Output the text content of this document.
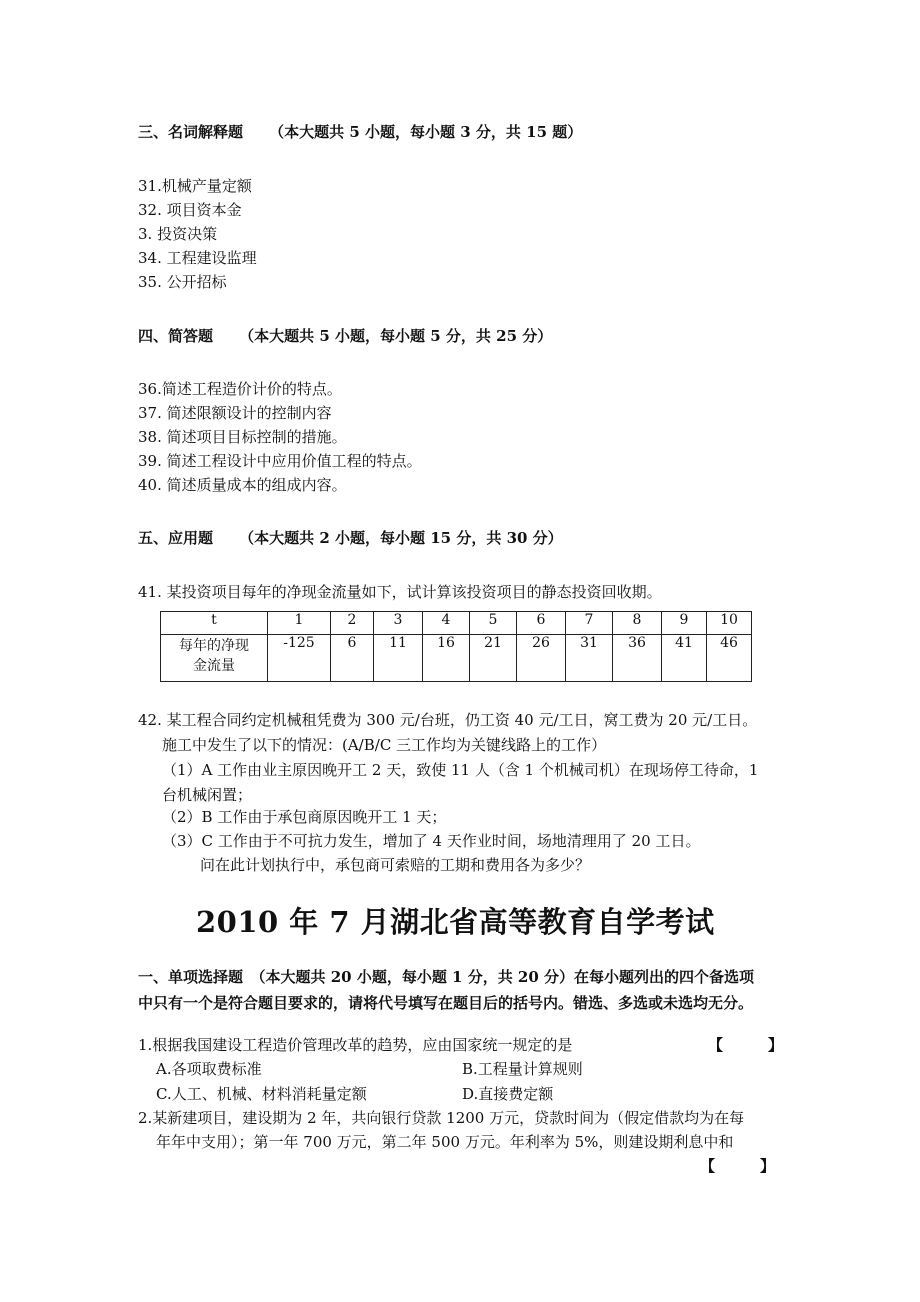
三、名词解释题 （本大题共 5 小题，每小题 3 分，共 15 题）
31.机械产量定额
32. 项目资本金
3. 投资决策
34. 工程建设监理
35. 公开招标
四、简答题 （本大题共 5 小题，每小题 5 分，共 25 分）
36.简述工程造价计价的特点。
37. 简述限额设计的控制内容
38. 简述项目目标控制的措施。
39. 简述工程设计中应用价值工程的特点。
40. 简述质量成本的组成内容。
五、应用题 （本大题共 2 小题，每小题 15 分，共 30 分）
41. 某投资项目每年的净现金流量如下，试计算该投资项目的静态投资回收期。
t	1	2	3	4	5	6	7	8	9	10

每年的净现
金流量	-125	6	11	16	21	26	31	36	41	46
42. 某工程合同约定机械租凭费为 300 元/台班，仍工资 40 元/工日，窝工费为 20 元/工日。
施工中发生了以下的情况：(A/B/C 三工作均为关键线路上的工作）
（1）A 工作由业主原因晚开工 2 天，致使 11 人（含 1 个机械司机）在现场停工待命，1
台机械闲置；
（2）B 工作由于承包商原因晚开工 1 天；
（3）C 工作由于不可抗力发生，增加了 4 天作业时间，场地清理用了 20 工日。
问在此计划执行中，承包商可索赔的工期和费用各为多少？
2010 年 7 月湖北省高等教育自学考试
一、单项选择题　（本大题共 20 小题，每小题 1 分，共 20 分）在每小题列出的四个备选项
中只有一个是符合题目要求的，请将代号填写在题目后的括号内。错选、多选或未选均无分。
1.根据我国建设工程造价管理改革的趋势，应由国家统一规定的是	【　　　】
A.各项取费标准	B.工程量计算规则
C.人工、机械、材料消耗量定额	D.直接费定额
2.某新建项目，建设期为 2 年，共向银行贷款 1200 万元，贷款时间为（假定借款均为在每
年年中支用）；第一年 700 万元，第二年 500 万元。年利率为 5%，则建设期利息中和
【　　　】
